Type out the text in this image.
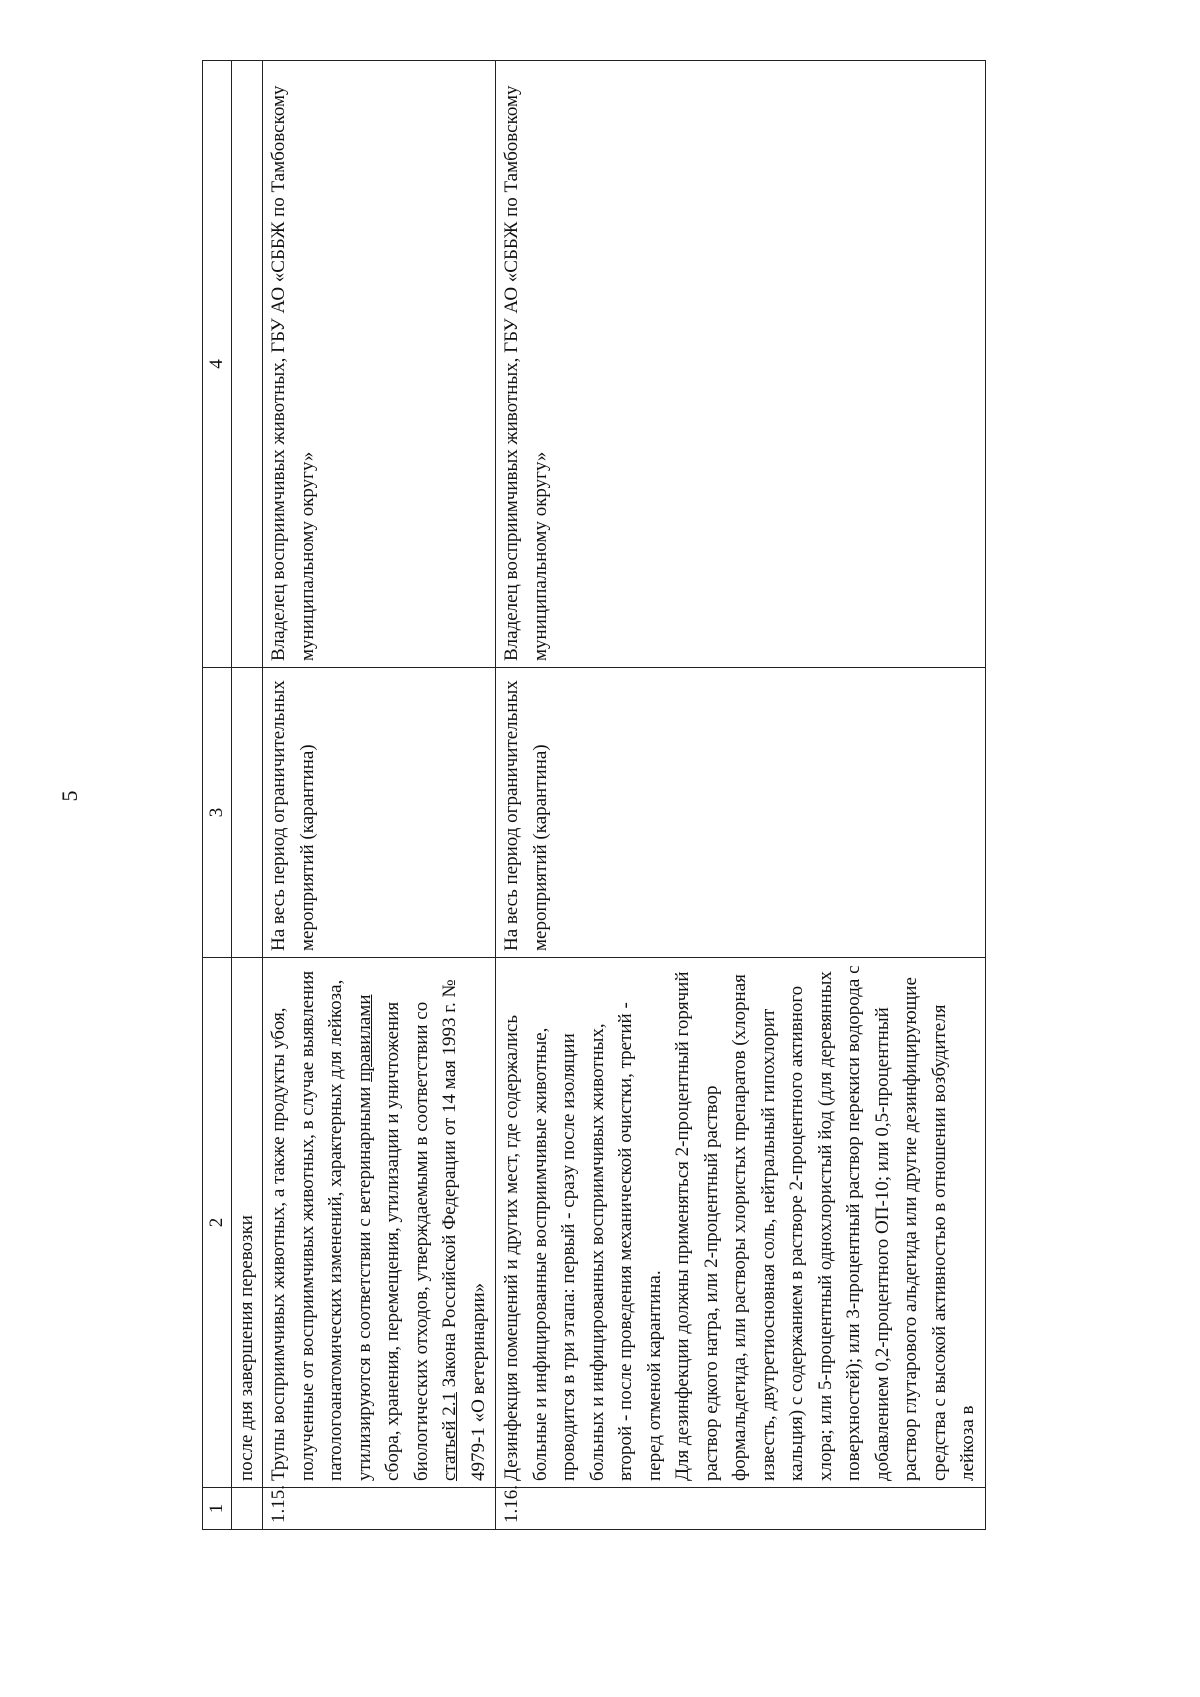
5
1	2	3	4
	после дня завершения перевозки		
1.15.	Трупы восприимчивых животных, а также продукты убоя, полученные от восприимчивых животных, в случае выявления патологоанатомических изменений, характерных для лейкоза, утилизируются в соответствии с ветеринарными правилами сбора, хранения, перемещения, утилизации и уничтожения биологических отходов, утверждаемыми в соответствии со статьей 2.1 Закона Российской Федерации от 14 мая 1993 г. № 4979-1 «О ветеринарии»	На весь период ограничительных мероприятий (карантина)	Владелец восприимчивых животных, ГБУ АО «СББЖ по Тамбовскому муниципальному округу»
1.16.	Дезинфекция помещений и других мест, где содержались больные и инфицированные восприимчивые животные, проводится в три этапа: первый - сразу после изоляции больных и инфицированных восприимчивых животных, второй - после проведения механической очистки, третий - перед отменой карантина. Для дезинфекции должны применяться 2-процентный горячий раствор едкого натра, или 2-процентный раствор формальдегида, или растворы хлористых препаратов (хлорная известь, двутретиосновная соль, нейтральный гипохлорит кальция) с содержанием в растворе 2-процентного активного хлора; или 5-процентный однохлористый йод (для деревянных поверхностей); или 3-процентный раствор перекиси водорода с добавлением 0,2-процентного ОП-10; или 0,5-процентный раствор глутарового альдегида или другие дезинфицирующие средства с высокой активностью в отношении возбудителя лейкоза в	На весь период ограничительных мероприятий (карантина)	Владелец восприимчивых животных, ГБУ АО «СББЖ по Тамбовскому муниципальному округу»
